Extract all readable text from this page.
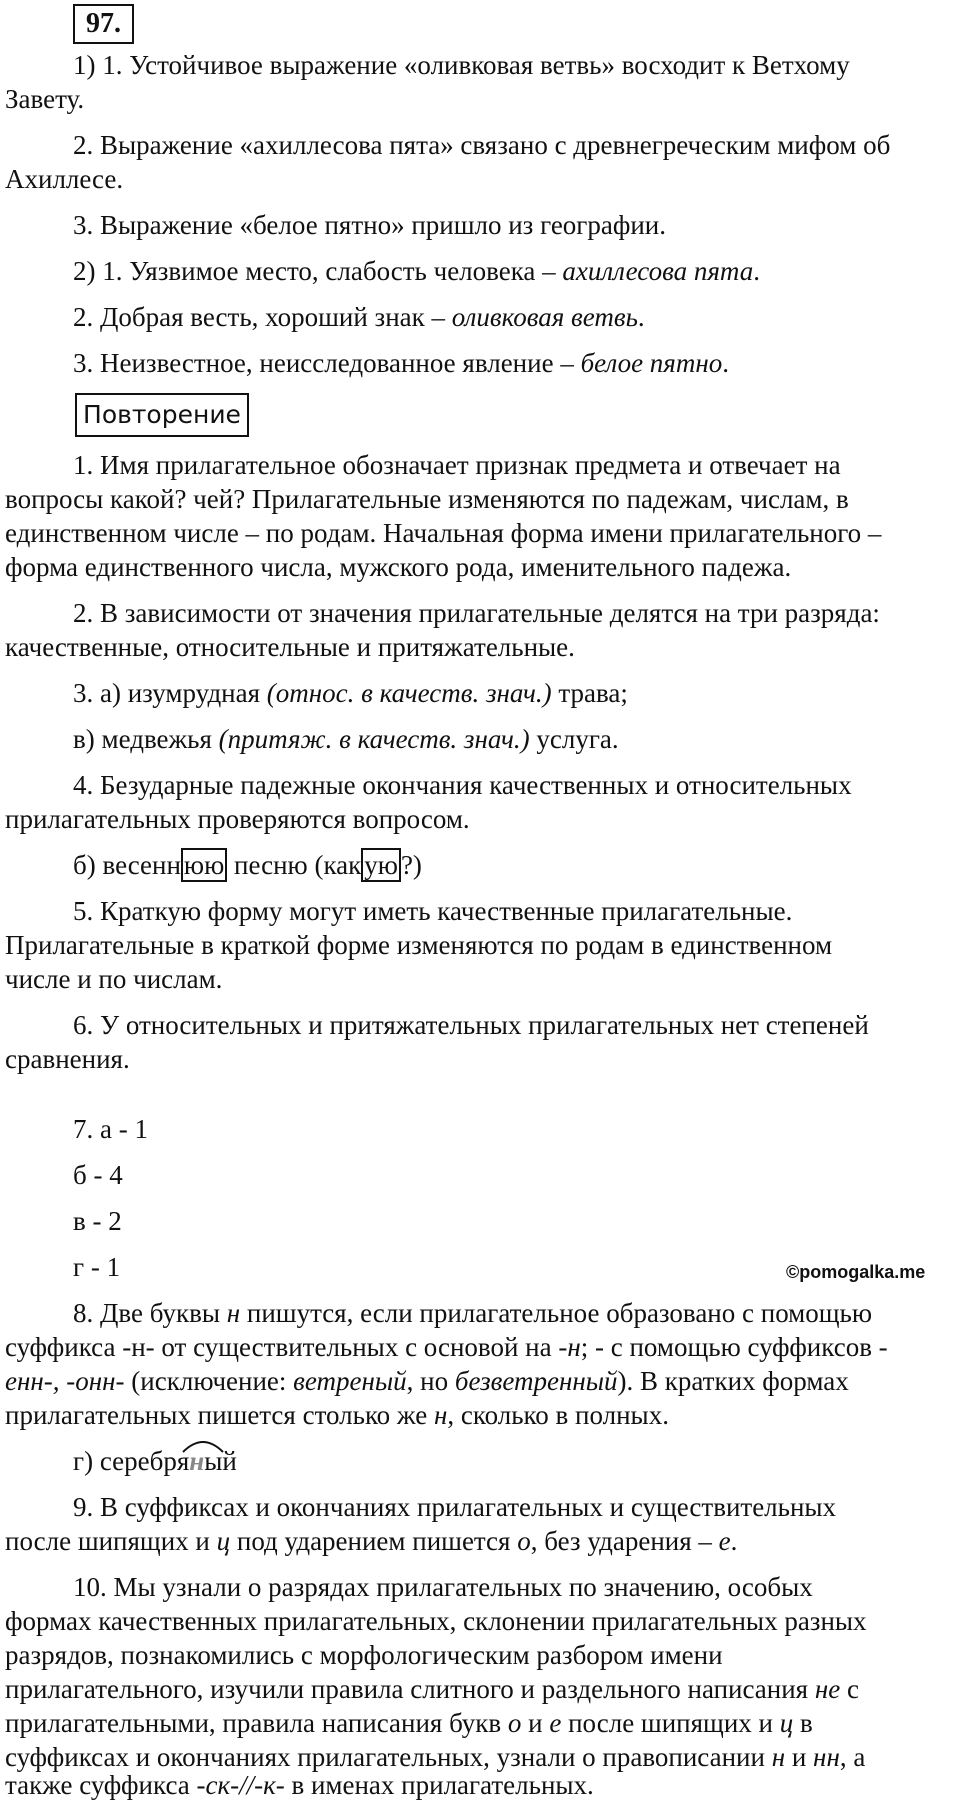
97.
1) 1. Устойчивое выражение «оливковая ветвь» восходит к Ветхому
Завету.
2. Выражение «ахиллесова пята» связано с древнегреческим мифом об
Ахиллесе.
3. Выражение «белое пятно» пришло из географии.
2) 1. Уязвимое место, слабость человека – ахиллесова пята.
2. Добрая весть, хороший знак – оливковая ветвь.
3. Неизвестное, неисследованное явление – белое пятно.
Повторение
1. Имя прилагательное обозначает признак предмета и отвечает на
вопросы какой? чей? Прилагательные изменяются по падежам, числам, в
единственном числе – по родам. Начальная форма имени прилагательного –
форма единственного числа, мужского рода, именительного падежа.
2. В зависимости от значения прилагательные делятся на три разряда:
качественные, относительные и притяжательные.
3. а) изумрудная (относ. в качеств. знач.) трава;
в) медвежья (притяж. в качеств. знач.) услуга.
4. Безударные падежные окончания качественных и относительных
прилагательных проверяются вопросом.
б) весенн юю песню (как ую ?)
5. Краткую форму могут иметь качественные прилагательные.
Прилагательные в краткой форме изменяются по родам в единственном
числе и по числам.
6. У относительных и притяжательных прилагательных нет степеней
сравнения.
7. а - 1
б - 4
в - 2
г - 1	©pomogalka.me
8. Две буквы н пишутся, если прилагательное образовано с помощью
суффикса -н- от существительных с основой на -н; - с помощью суффиксов -
енн-, -онн- (исключение: ветреный, но безветренный). В кратких формах
прилагательных пишется столько же н, сколько в полных.
г) серебря
ный
9. В суффиксах и окончаниях прилагательных и существительных
после шипящих и ц под ударением пишется о, без ударения – е.
10. Мы узнали о разрядах прилагательных по значению, особых
формах качественных прилагательных, склонении прилагательных разных
разрядов, познакомились с морфологическим разбором имени
прилагательного, изучили правила слитного и раздельного написания не с
прилагательными, правила написания букв о и е после шипящих и ц в
суффиксах и окончаниях прилагательных, узнали о правописании н и нн, а
также суффикса -ск-//-к- в именах прилагательных.
